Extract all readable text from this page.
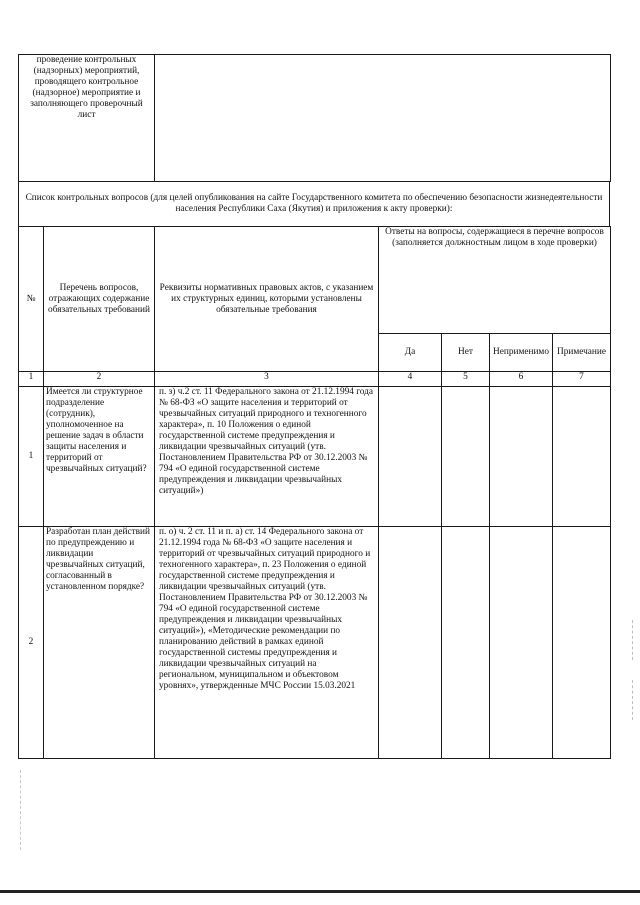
проведение контрольных (надзорных) мероприятий, проводящего контрольное (надзорное) мероприятие и заполняющего проверочный лист	
Список контрольных вопросов (для целей опубликования на сайте Государственного комитета по обеспечению безопасности жизнедеятельности населения Республики Саха (Якутия) и приложения к акту проверки):
№	Перечень вопросов, отражающих содержание обязательных требований	Реквизиты нормативных правовых актов, с указанием их структурных единиц, которыми установлены обязательные требования	Ответы на вопросы, содержащиеся в перечне вопросов (заполняется должностным лицом в ходе проверки)			
			Да	Нет	Неприменимо	Примечание
1	2	3	4	5	6	7
1	Имеется ли структурное подразделение (сотрудник), уполномоченное на решение задач в области защиты населения и территорий от чрезвычайных ситуаций?	п. з) ч.2 ст. 11 Федерального закона от 21.12.1994 года № 68-ФЗ «О защите населения и территорий от чрезвычайных ситуаций природного и техногенного характера», п. 10 Положения о единой государственной системе предупреждения и ликвидации чрезвычайных ситуаций (утв. Постановлением Правительства РФ от 30.12.2003 № 794 «О единой государственной системе предупреждения и ликвидации чрезвычайных ситуаций»)				
2	Разработан план действий по предупреждению и ликвидации чрезвычайных ситуаций, согласованный в установленном порядке?	п. о) ч. 2 ст. 11 и п. а) ст. 14 Федерального закона от 21.12.1994 года № 68-ФЗ «О защите населения и территорий от чрезвычайных ситуаций природного и техногенного характера», п. 23 Положения о единой государственной системе предупреждения и ликвидации чрезвычайных ситуаций (утв. Постановлением Правительства РФ от 30.12.2003 № 794 «О единой государственной системе предупреждения и ликвидации чрезвычайных ситуаций»), «Методические рекомендации по планированию действий в рамках единой государственной системы предупреждения и ликвидации чрезвычайных ситуаций на региональном, муниципальном и объектовом уровнях», утвержденные МЧС России 15.03.2021				
